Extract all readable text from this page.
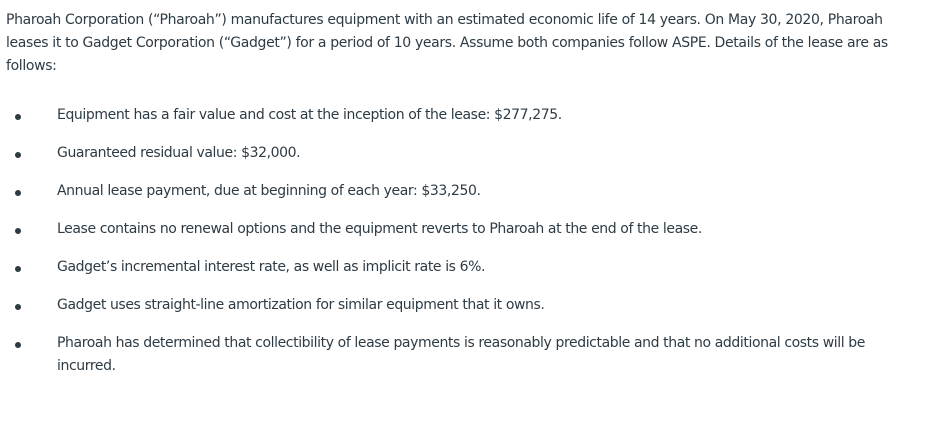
Pharoah Corporation (“Pharoah”) manufactures equipment with an estimated economic life of 14 years. On May 30, 2020, Pharoah leases it to Gadget Corporation (“Gadget”) for a period of 10 years. Assume both companies follow ASPE. Details of the lease are as follows:

Equipment has a fair value and cost at the inception of the lease: $277,275.
Guaranteed residual value: $32,000.
Annual lease payment, due at beginning of each year: $33,250.
Lease contains no renewal options and the equipment reverts to Pharoah at the end of the lease.
Gadget’s incremental interest rate, as well as implicit rate is 6%.
Gadget uses straight-line amortization for similar equipment that it owns.
Pharoah has determined that collectibility of lease payments is reasonably predictable and that no additional costs will be incurred.
